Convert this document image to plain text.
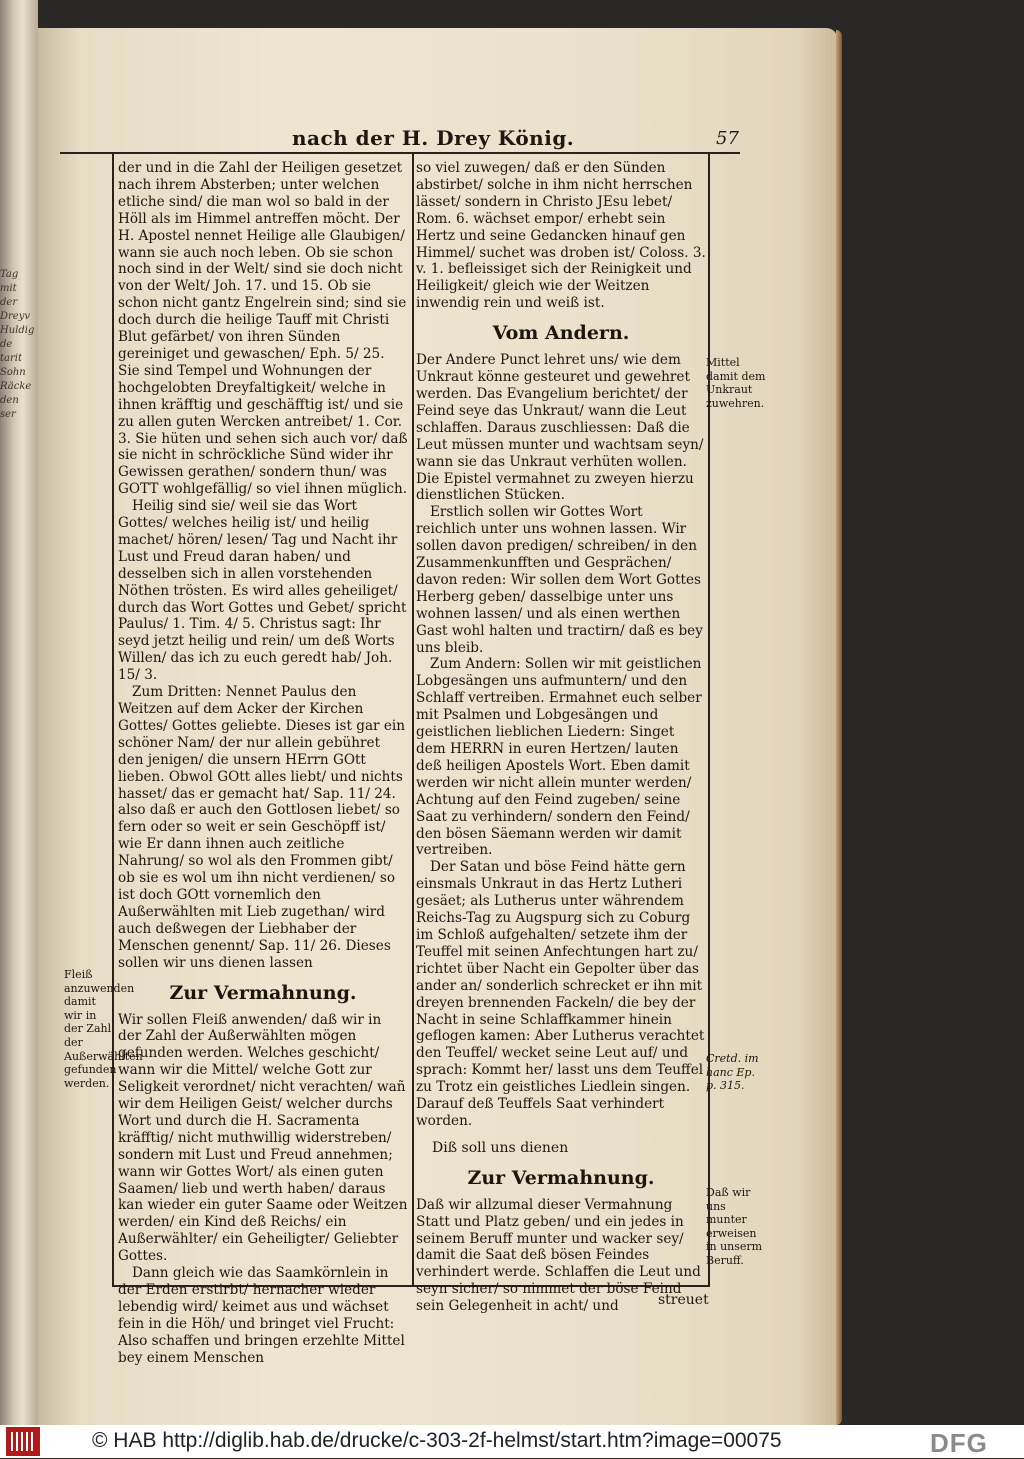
Tag
mit
der
Dreyv
Huldig
de
tarit
Sohn
Räcke
den
ser
nach der H. Drey König.	57

der und in die Zahl der Heiligen gesetzet nach ihrem Absterben; unter welchen etliche sind/ die man wol so bald in der Höll als im Himmel antreffen möcht. Der H. Apostel nennet Heilige alle Glaubigen/ wann sie auch noch leben. Ob sie schon noch sind in der Welt/ sind sie doch nicht von der Welt/ Joh. 17. und 15. Ob sie schon nicht gantz Engelrein sind; sind sie doch durch die heilige Tauff mit Christi Blut gefärbet/ von ihren Sünden gereiniget und gewaschen/ Eph. 5/ 25. Sie sind Tempel und Wohnungen der hochgelobten Dreyfaltigkeit/ welche in ihnen kräfftig und geschäfftig ist/ und sie zu allen guten Wercken antreibet/ 1. Cor. 3. Sie hüten und sehen sich auch vor/ daß sie nicht in schröckliche Sünd wider ihr Gewissen gerathen/ sondern thun/ was GOTT wohlgefällig/ so viel ihnen müglich.

Heilig sind sie/ weil sie das Wort Gottes/ welches heilig ist/ und heilig machet/ hören/ lesen/ Tag und Nacht ihr Lust und Freud daran haben/ und desselben sich in allen vorstehenden Nöthen trösten. Es wird alles geheiliget/ durch das Wort Gottes und Gebet/ spricht Paulus/ 1. Tim. 4/ 5. Christus sagt: Ihr seyd jetzt heilig und rein/ um deß Worts Willen/ das ich zu euch geredt hab/ Joh. 15/ 3.

Zum Dritten: Nennet Paulus den Weitzen auf dem Acker der Kirchen Gottes/ Gottes geliebte. Dieses ist gar ein schöner Nam/ der nur allein gebühret den jenigen/ die unsern HErrn GOtt lieben. Obwol GOtt alles liebt/ und nichts hasset/ das er gemacht hat/ Sap. 11/ 24. also daß er auch den Gottlosen liebet/ so fern oder so weit er sein Geschöpff ist/ wie Er dann ihnen auch zeitliche Nahrung/ so wol als den Frommen gibt/ ob sie es wol um ihn nicht verdienen/ so ist doch GOtt vornemlich den Außerwählten mit Lieb zugethan/ wird auch deßwegen der Liebhaber der Menschen genennt/ Sap. 11/ 26. Dieses sollen wir uns dienen lassen

Zur Vermahnung.

Wir sollen Fleiß anwenden/ daß wir in der Zahl der Außerwählten mögen gefunden werden. Welches geschicht/ wann wir die Mittel/ welche Gott zur Seligkeit verordnet/ nicht verachten/ wañ wir dem Heiligen Geist/ welcher durchs Wort und durch die H. Sacramenta kräfftig/ nicht muthwillig widerstreben/ sondern mit Lust und Freud annehmen; wann wir Gottes Wort/ als einen guten Saamen/ lieb und werth haben/ daraus kan wieder ein guter Saame oder Weitzen werden/ ein Kind deß Reichs/ ein Außerwählter/ ein Geheiligter/ Geliebter Gottes.

Dann gleich wie das Saamkörnlein in der Erden erstirbt/ hernacher wieder lebendig wird/ keimet aus und wächset fein in die Höh/ und bringet viel Frucht: Also schaffen und bringen erzehlte Mittel bey einem Menschen

so viel zuwegen/ daß er den Sünden abstirbet/ solche in ihm nicht herrschen lässet/ sondern in Christo JEsu lebet/ Rom. 6. wächset empor/ erhebt sein Hertz und seine Gedancken hinauf gen Himmel/ suchet was droben ist/ Coloss. 3. v. 1. befleissiget sich der Reinigkeit und Heiligkeit/ gleich wie der Weitzen inwendig rein und weiß ist.

Vom Andern.

Der Andere Punct lehret uns/ wie dem Unkraut könne gesteuret und gewehret werden. Das Evangelium berichtet/ der Feind seye das Unkraut/ wann die Leut schlaffen. Daraus zuschliessen: Daß die Leut müssen munter und wachtsam seyn/ wann sie das Unkraut verhüten wollen. Die Epistel vermahnet zu zweyen hierzu dienstlichen Stücken.

Erstlich sollen wir Gottes Wort reichlich unter uns wohnen lassen. Wir sollen davon predigen/ schreiben/ in den Zusammenkunfften und Gesprächen/ davon reden: Wir sollen dem Wort Gottes Herberg geben/ dasselbige unter uns wohnen lassen/ und als einen werthen Gast wohl halten und tractirn/ daß es bey uns bleib.

Zum Andern: Sollen wir mit geistlichen Lobgesängen uns aufmuntern/ und den Schlaff vertreiben. Ermahnet euch selber mit Psalmen und Lobgesängen und geistlichen lieblichen Liedern: Singet dem HERRN in euren Hertzen/ lauten deß heiligen Apostels Wort. Eben damit werden wir nicht allein munter werden/ Achtung auf den Feind zugeben/ seine Saat zu verhindern/ sondern den Feind/ den bösen Säemann werden wir damit vertreiben.

Der Satan und böse Feind hätte gern einsmals Unkraut in das Hertz Lutheri gesäet; als Lutherus unter währendem Reichs-Tag zu Augspurg sich zu Coburg im Schloß aufgehalten/ setzete ihm der Teuffel mit seinen Anfechtungen hart zu/ richtet über Nacht ein Gepolter über das ander an/ sonderlich schrecket er ihn mit dreyen brennenden Fackeln/ die bey der Nacht in seine Schlaffkammer hinein geflogen kamen: Aber Lutherus verachtet den Teuffel/ wecket seine Leut auf/ und sprach: Kommt her/ lasst uns dem Teuffel zu Trotz ein geistliches Liedlein singen. Darauf deß Teuffels Saat verhindert worden.

Diß soll uns dienen
Zur Vermahnung.

Daß wir allzumal dieser Vermahnung Statt und Platz geben/ und ein jedes in seinem Beruff munter und wacker sey/ damit die Saat deß bösen Feindes verhindert werde. Schlaffen die Leut und seyn sicher/ so nimmet der böse Feind sein Gelegenheit in acht/ und	streuet
Mittel damit dem Unkraut zuwehren.
Fleiß anzuwenden damit wir in der Zahl der Außerwählten gefunden werden.
Cretd. im hanc Ep. p. 315.
Daß wir uns munter erweisen in unserm Beruff.
© HAB http://diglib.hab.de/drucke/c-303-2f-helmst/start.htm?image=00075	DFG
